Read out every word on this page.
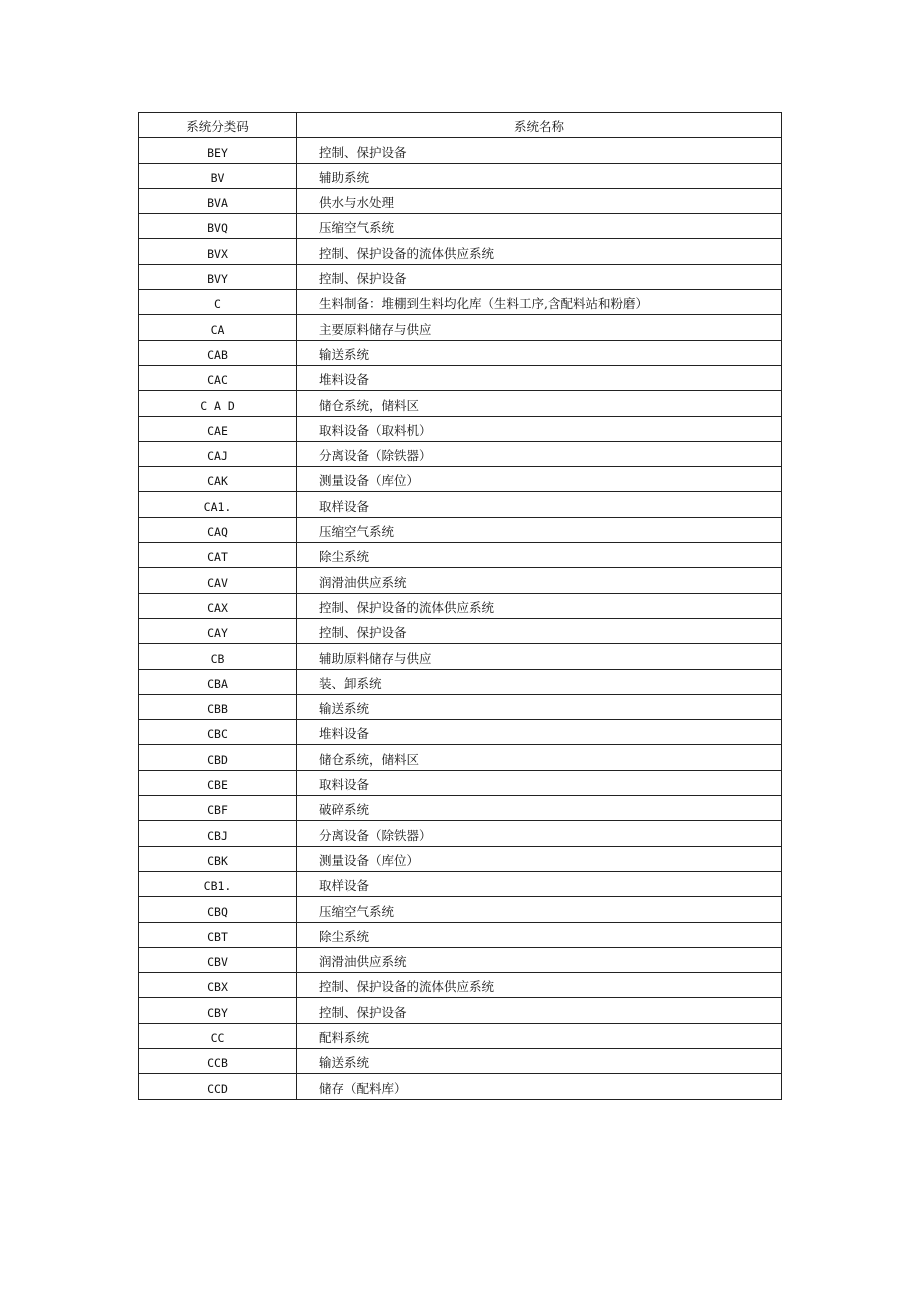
系统分类码	系统名称
BEY	控制、保护设备
BV	辅助系统
BVA	供水与水处理
BVQ	压缩空气系统
BVX	控制、保护设备的流体供应系统
BVY	控制、保护设备
C	生料制备：堆棚到生料均化库（生料工序,含配料站和粉磨）
CA	主要原料储存与供应
CAB	输送系统
CAC	堆料设备
C A D	储仓系统，储料区
CAE	取料设备（取料机）
CAJ	分离设备（除铁器）
CAK	测量设备（库位）
CA1.	取样设备
CAQ	压缩空气系统
CAT	除尘系统
CAV	润滑油供应系统
CAX	控制、保护设备的流体供应系统
CAY	控制、保护设备
CB	辅助原料储存与供应
CBA	装、卸系统
CBB	输送系统
CBC	堆料设备
CBD	储仓系统，储料区
CBE	取料设备
CBF	破碎系统
CBJ	分离设备（除铁器）
CBK	测量设备（库位）
CB1.	取样设备
CBQ	压缩空气系统
CBT	除尘系统
CBV	润滑油供应系统
CBX	控制、保护设备的流体供应系统
CBY	控制、保护设备
CC	配料系统
CCB	输送系统
CCD	储存（配料库）
